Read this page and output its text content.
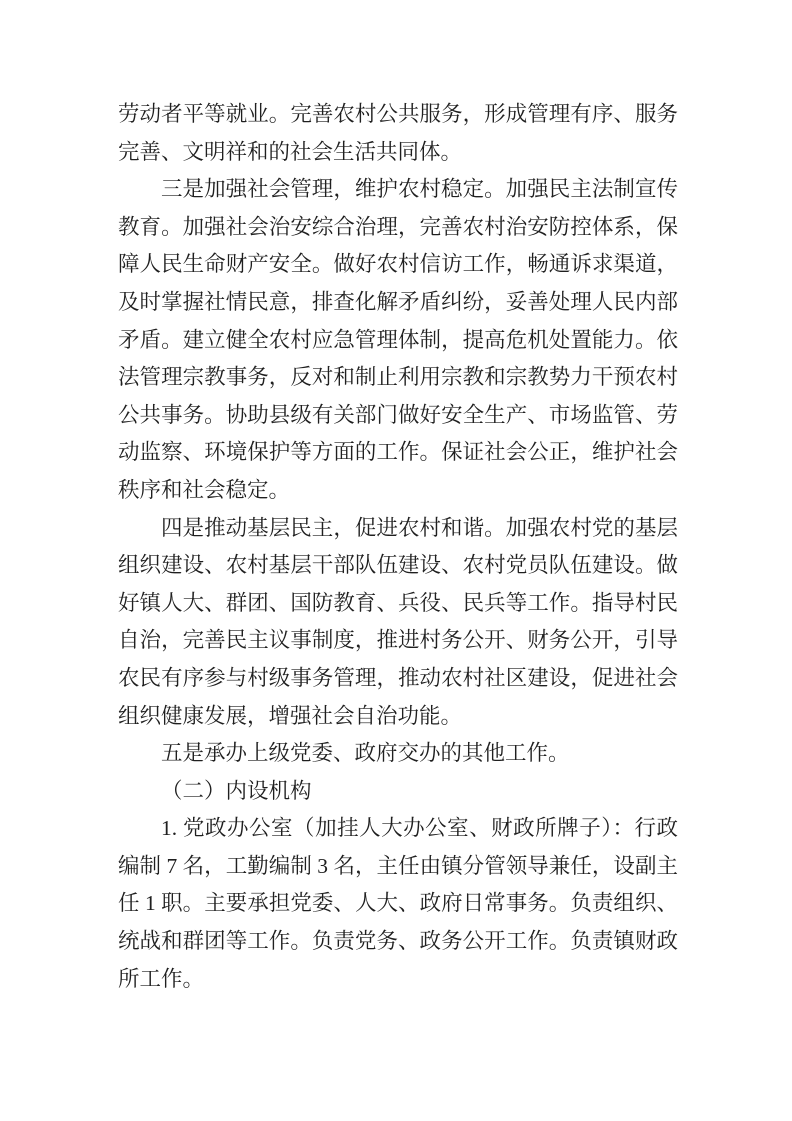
劳动者平等就业。完善农村公共服务，形成管理有序、服务
完善、文明祥和的社会生活共同体。
三是加强社会管理，维护农村稳定。加强民主法制宣传
教育。加强社会治安综合治理，完善农村治安防控体系，保
障人民生命财产安全。做好农村信访工作，畅通诉求渠道，
及时掌握社情民意，排查化解矛盾纠纷，妥善处理人民内部
矛盾。建立健全农村应急管理体制，提高危机处置能力。依
法管理宗教事务，反对和制止利用宗教和宗教势力干预农村
公共事务。协助县级有关部门做好安全生产、市场监管、劳
动监察、环境保护等方面的工作。保证社会公正，维护社会
秩序和社会稳定。
四是推动基层民主，促进农村和谐。加强农村党的基层
组织建设、农村基层干部队伍建设、农村党员队伍建设。做
好镇人大、群团、国防教育、兵役、民兵等工作。指导村民
自治，完善民主议事制度，推进村务公开、财务公开，引导
农民有序参与村级事务管理，推动农村社区建设，促进社会
组织健康发展，增强社会自治功能。
五是承办上级党委、政府交办的其他工作。
（二）内设机构
1. 党政办公室（加挂人大办公室、财政所牌子）：行政
编制 7 名，工勤编制 3 名，主任由镇分管领导兼任，设副主
任 1 职。主要承担党委、人大、政府日常事务。负责组织、
统战和群团等工作。负责党务、政务公开工作。负责镇财政
所工作。
